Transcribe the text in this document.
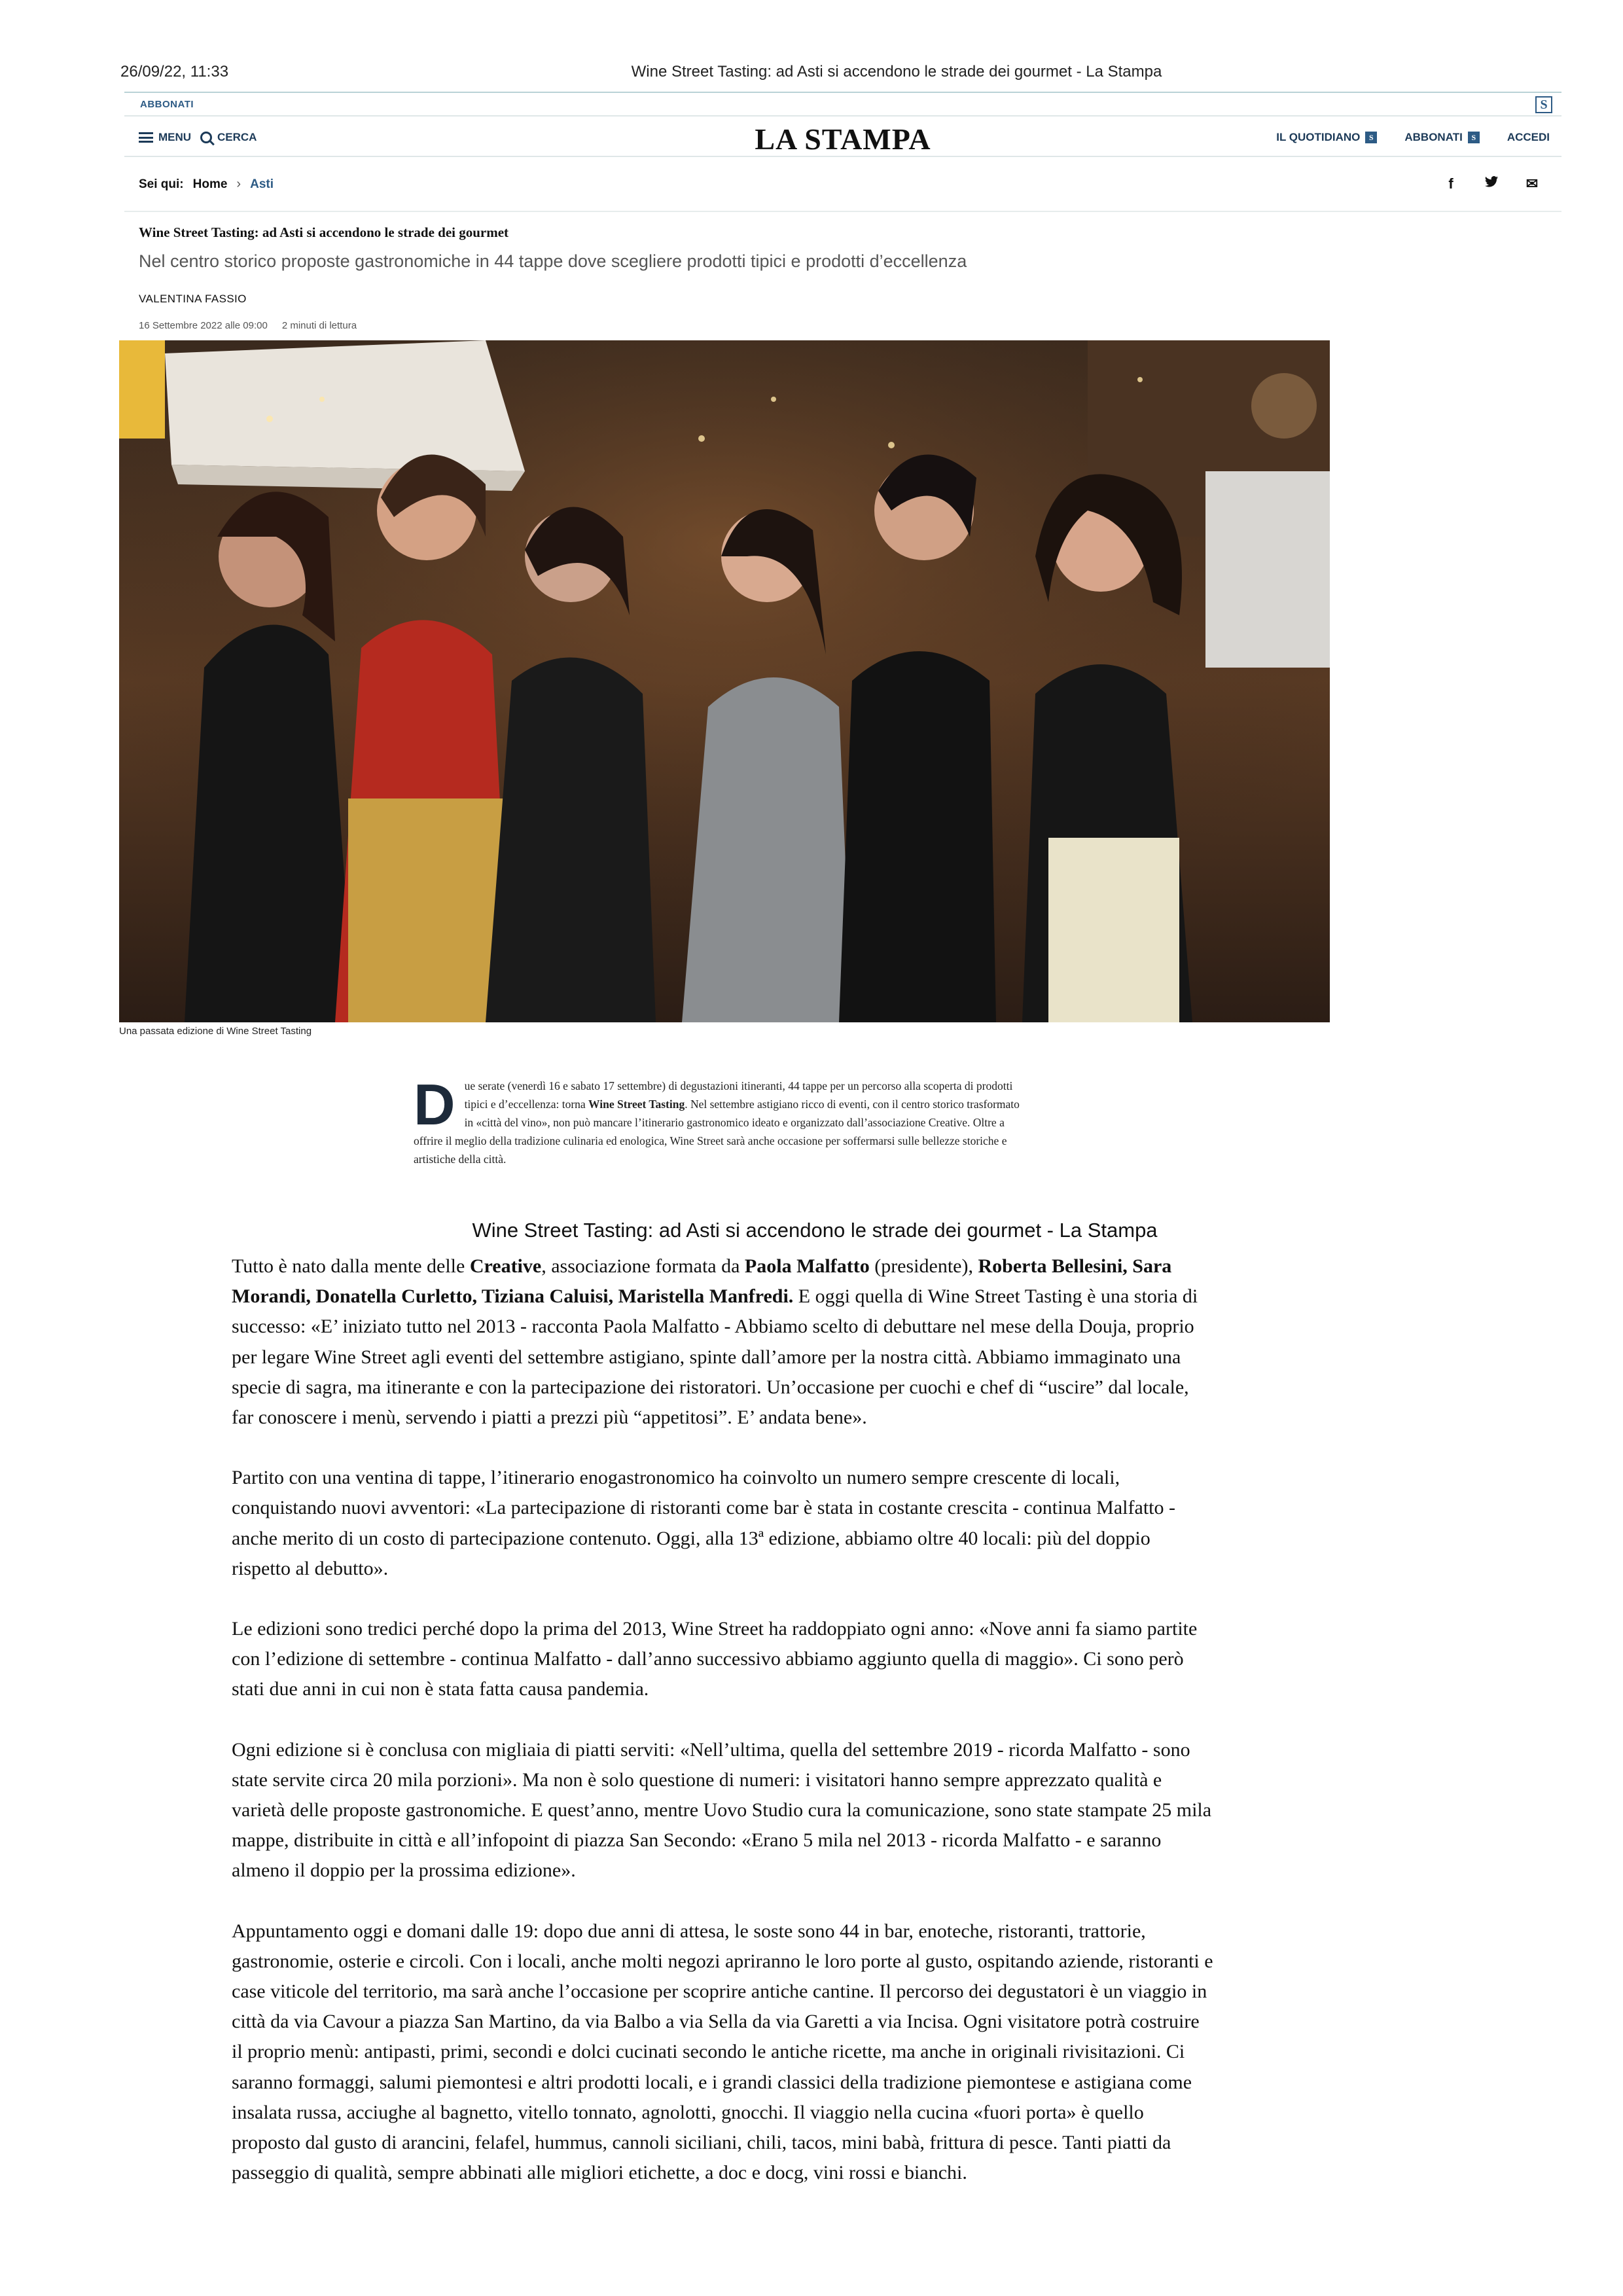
26/09/22, 11:33	Wine Street Tasting: ad Asti si accendono le strade dei gourmet - La Stampa
ABBONATI	S
MENU CERCA	LA STAMPA	IL QUOTIDIANO	S	ABBONATI	S	ACCEDI
Sei qui: Home › Asti	f	✉
Wine Street Tasting: ad Asti si accendono le strade dei gourmet

Nel centro storico proposte gastronomiche in 44 tappe dove scegliere prodotti tipici e prodotti d’eccellenza

VALENTINA FASSIO

16 Settembre 2022 alle 09:00 2 minuti di lettura

Una passata edizione di Wine Street Tasting

Due serate (venerdì 16 e sabato 17 settembre) di degustazioni itineranti, 44 tappe per un percorso alla scoperta di prodotti tipici e d’eccellenza: torna Wine Street Tasting. Nel settembre astigiano ricco di eventi, con il centro storico trasformato in «città del vino», non può mancare l’itinerario gastronomico ideato e organizzato dall’associazione Creative. Oltre a offrire il meglio della tradizione culinaria ed enologica, Wine Street sarà anche occasione per soffermarsi sulle bellezze storiche e artistiche della città.
Wine Street Tasting: ad Asti si accendono le strade dei gourmet - La Stampa

Tutto è nato dalla mente delle Creative, associazione formata da Paola Malfatto (presidente), Roberta Bellesini, Sara Morandi, Donatella Curletto, Tiziana Caluisi, Maristella Manfredi. E oggi quella di Wine Street Tasting è una storia di successo: «E’ iniziato tutto nel 2013 - racconta Paola Malfatto - Abbiamo scelto di debuttare nel mese della Douja, proprio per legare Wine Street agli eventi del settembre astigiano, spinte dall’amore per la nostra città. Abbiamo immaginato una specie di sagra, ma itinerante e con la partecipazione dei ristoratori. Un’occasione per cuochi e chef di “uscire” dal locale, far conoscere i menù, servendo i piatti a prezzi più “appetitosi”. E’ andata bene».

Partito con una ventina di tappe, l’itinerario enogastronomico ha coinvolto un numero sempre crescente di locali, conquistando nuovi avventori: «La partecipazione di ristoranti come bar è stata in costante crescita - continua Malfatto - anche merito di un costo di partecipazione contenuto. Oggi, alla 13ª edizione, abbiamo oltre 40 locali: più del doppio rispetto al debutto».

Le edizioni sono tredici perché dopo la prima del 2013, Wine Street ha raddoppiato ogni anno: «Nove anni fa siamo partite con l’edizione di settembre - continua Malfatto - dall’anno successivo abbiamo aggiunto quella di maggio». Ci sono però stati due anni in cui non è stata fatta causa pandemia.

Ogni edizione si è conclusa con migliaia di piatti serviti: «Nell’ultima, quella del settembre 2019 - ricorda Malfatto - sono state servite circa 20 mila porzioni». Ma non è solo questione di numeri: i visitatori hanno sempre apprezzato qualità e varietà delle proposte gastronomiche. E quest’anno, mentre Uovo Studio cura la comunicazione, sono state stampate 25 mila mappe, distribuite in città e all’infopoint di piazza San Secondo: «Erano 5 mila nel 2013 - ricorda Malfatto - e saranno almeno il doppio per la prossima edizione».

Appuntamento oggi e domani dalle 19: dopo due anni di attesa, le soste sono 44 in bar, enoteche, ristoranti, trattorie, gastronomie, osterie e circoli. Con i locali, anche molti negozi apriranno le loro porte al gusto, ospitando aziende, ristoranti e case viticole del territorio, ma sarà anche l’occasione per scoprire antiche cantine. Il percorso dei degustatori è un viaggio in città da via Cavour a piazza San Martino, da via Balbo a via Sella da via Garetti a via Incisa. Ogni visitatore potrà costruire il proprio menù: antipasti, primi, secondi e dolci cucinati secondo le antiche ricette, ma anche in originali rivisitazioni. Ci saranno formaggi, salumi piemontesi e altri prodotti locali, e i grandi classici della tradizione piemontese e astigiana come insalata russa, acciughe al bagnetto, vitello tonnato, agnolotti, gnocchi. Il viaggio nella cucina «fuori porta» è quello proposto dal gusto di arancini, felafel, hummus, cannoli siciliani, chili, tacos, mini babà, frittura di pesce. Tanti piatti da passeggio di qualità, sempre abbinati alle migliori etichette, a doc e docg, vini rossi e bianchi.
